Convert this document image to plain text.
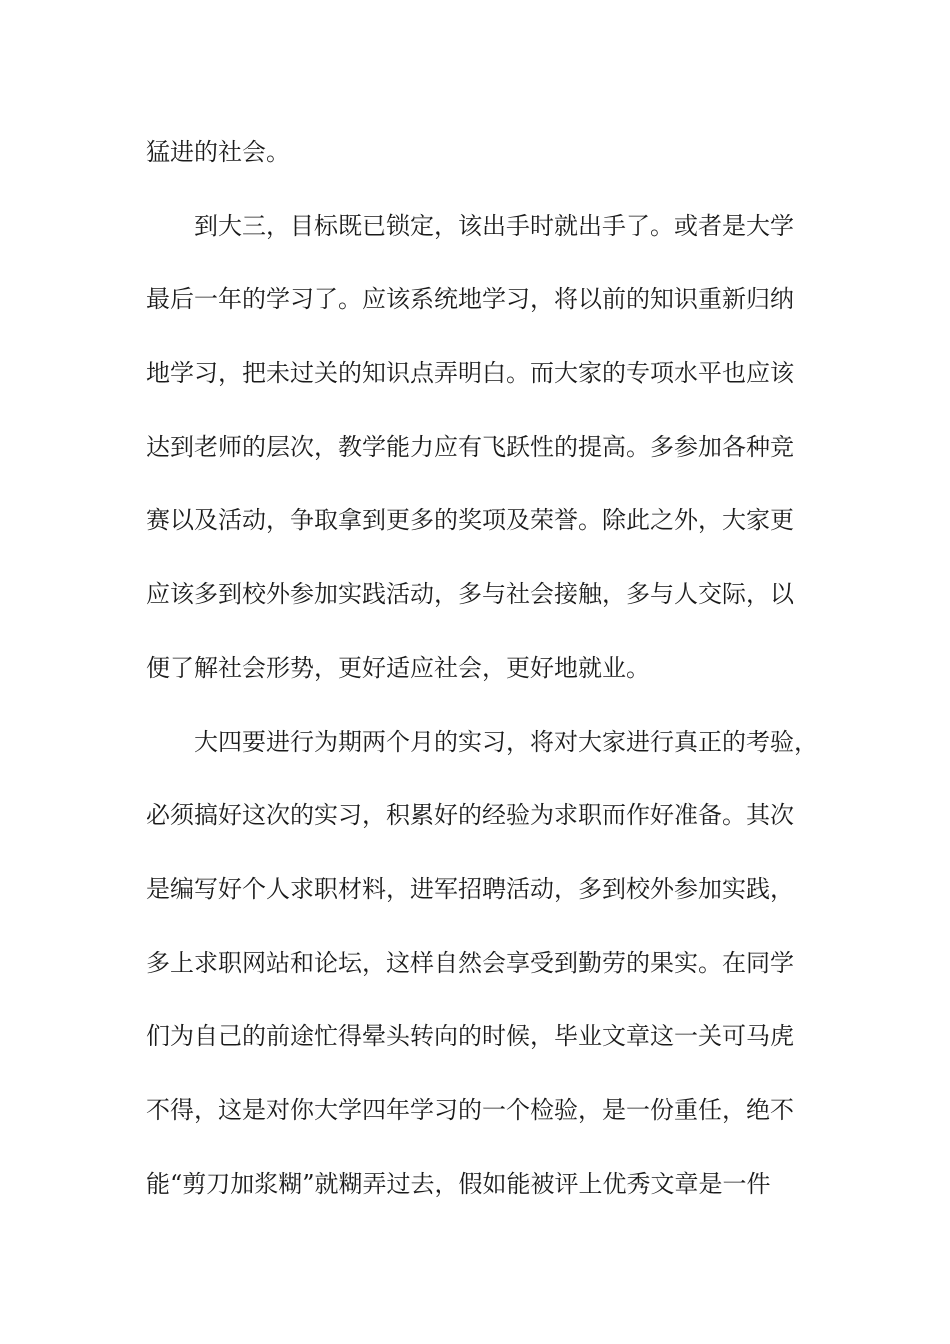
猛进的社会。
　　到大三，目标既已锁定，该出手时就出手了。或者是大学
最后一年的学习了。应该系统地学习，将以前的知识重新归纳
地学习，把未过关的知识点弄明白。而大家的专项水平也应该
达到老师的层次，教学能力应有飞跃性的提高。多参加各种竞
赛以及活动，争取拿到更多的奖项及荣誉。除此之外，大家更
应该多到校外参加实践活动，多与社会接触，多与人交际，以
便了解社会形势，更好适应社会，更好地就业。
　　大四要进行为期两个月的实习，将对大家进行真正的考验，
必须搞好这次的实习，积累好的经验为求职而作好准备。其次
是编写好个人求职材料，进军招聘活动，多到校外参加实践，
多上求职网站和论坛，这样自然会享受到勤劳的果实。在同学
们为自己的前途忙得晕头转向的时候，毕业文章这一关可马虎
不得，这是对你大学四年学习的一个检验，是一份重任，绝不
能“剪刀加浆糊”就糊弄过去，假如能被评上优秀文章是一件
